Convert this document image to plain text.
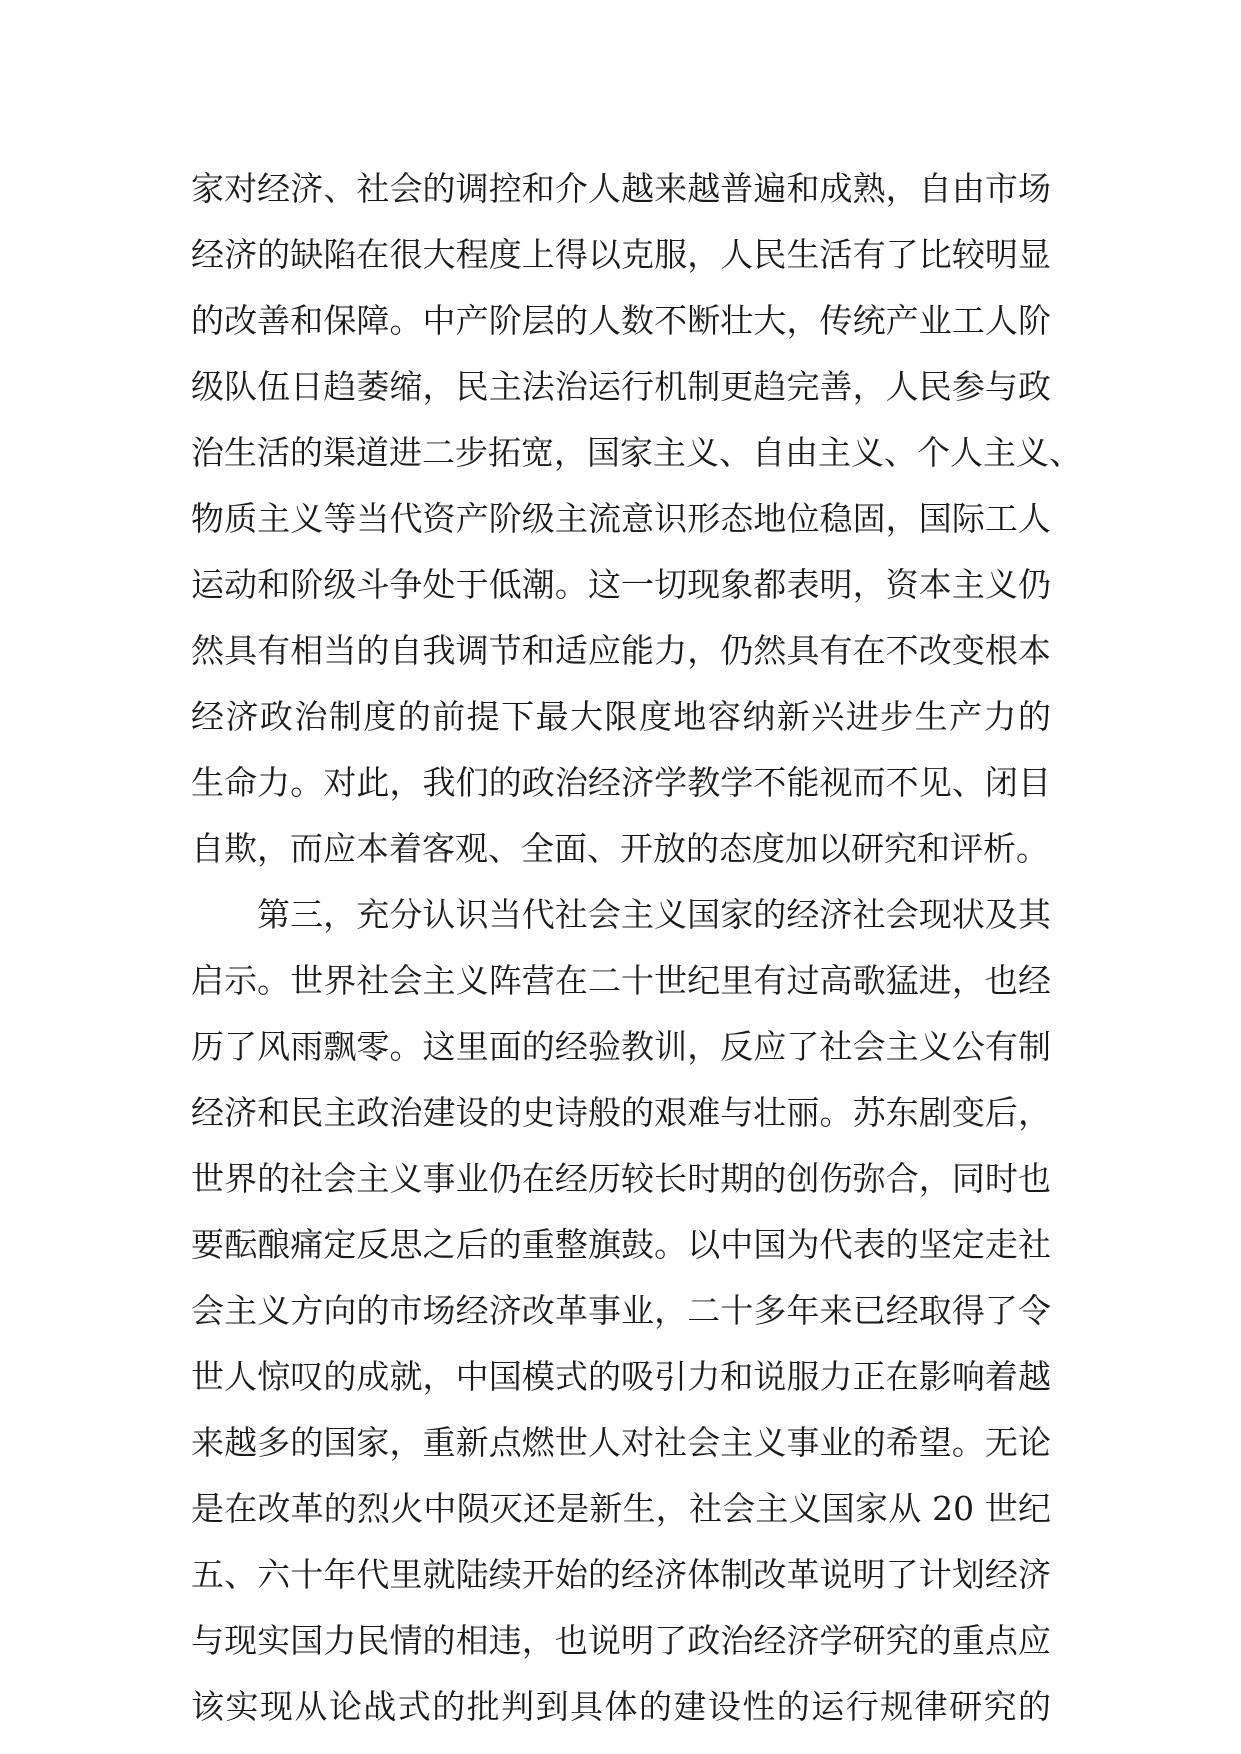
家对经济、社会的调控和介人越来越普遍和成熟，自由市场
经济的缺陷在很大程度上得以克服，人民生活有了比较明显
的改善和保障。中产阶层的人数不断壮大，传统产业工人阶
级队伍日趋萎缩，民主法治运行机制更趋完善，人民参与政
治生活的渠道进二步拓宽，国家主义、自由主义、个人主义、
物质主义等当代资产阶级主流意识形态地位稳固，国际工人
运动和阶级斗争处于低潮。这一切现象都表明，资本主义仍
然具有相当的自我调节和适应能力，仍然具有在不改变根本
经济政治制度的前提下最大限度地容纳新兴进步生产力的
生命力。对此，我们的政治经济学教学不能视而不见、闭目
自欺，而应本着客观、全面、开放的态度加以研究和评析。
第三，充分认识当代社会主义国家的经济社会现状及其
启示。世界社会主义阵营在二十世纪里有过高歌猛进，也经
历了风雨飘零。这里面的经验教训，反应了社会主义公有制
经济和民主政治建设的史诗般的艰难与壮丽。苏东剧变后，
世界的社会主义事业仍在经历较长时期的创伤弥合，同时也
要酝酿痛定反思之后的重整旗鼓。以中国为代表的坚定走社
会主义方向的市场经济改革事业，二十多年来已经取得了令
世人惊叹的成就，中国模式的吸引力和说服力正在影响着越
来越多的国家，重新点燃世人对社会主义事业的希望。无论
是在改革的烈火中陨灭还是新生，社会主义国家从 20 世纪
五、六十年代里就陆续开始的经济体制改革说明了计划经济
与现实国力民情的相违，也说明了政治经济学研究的重点应
该实现从论战式的批判到具体的建设性的运行规律研究的
